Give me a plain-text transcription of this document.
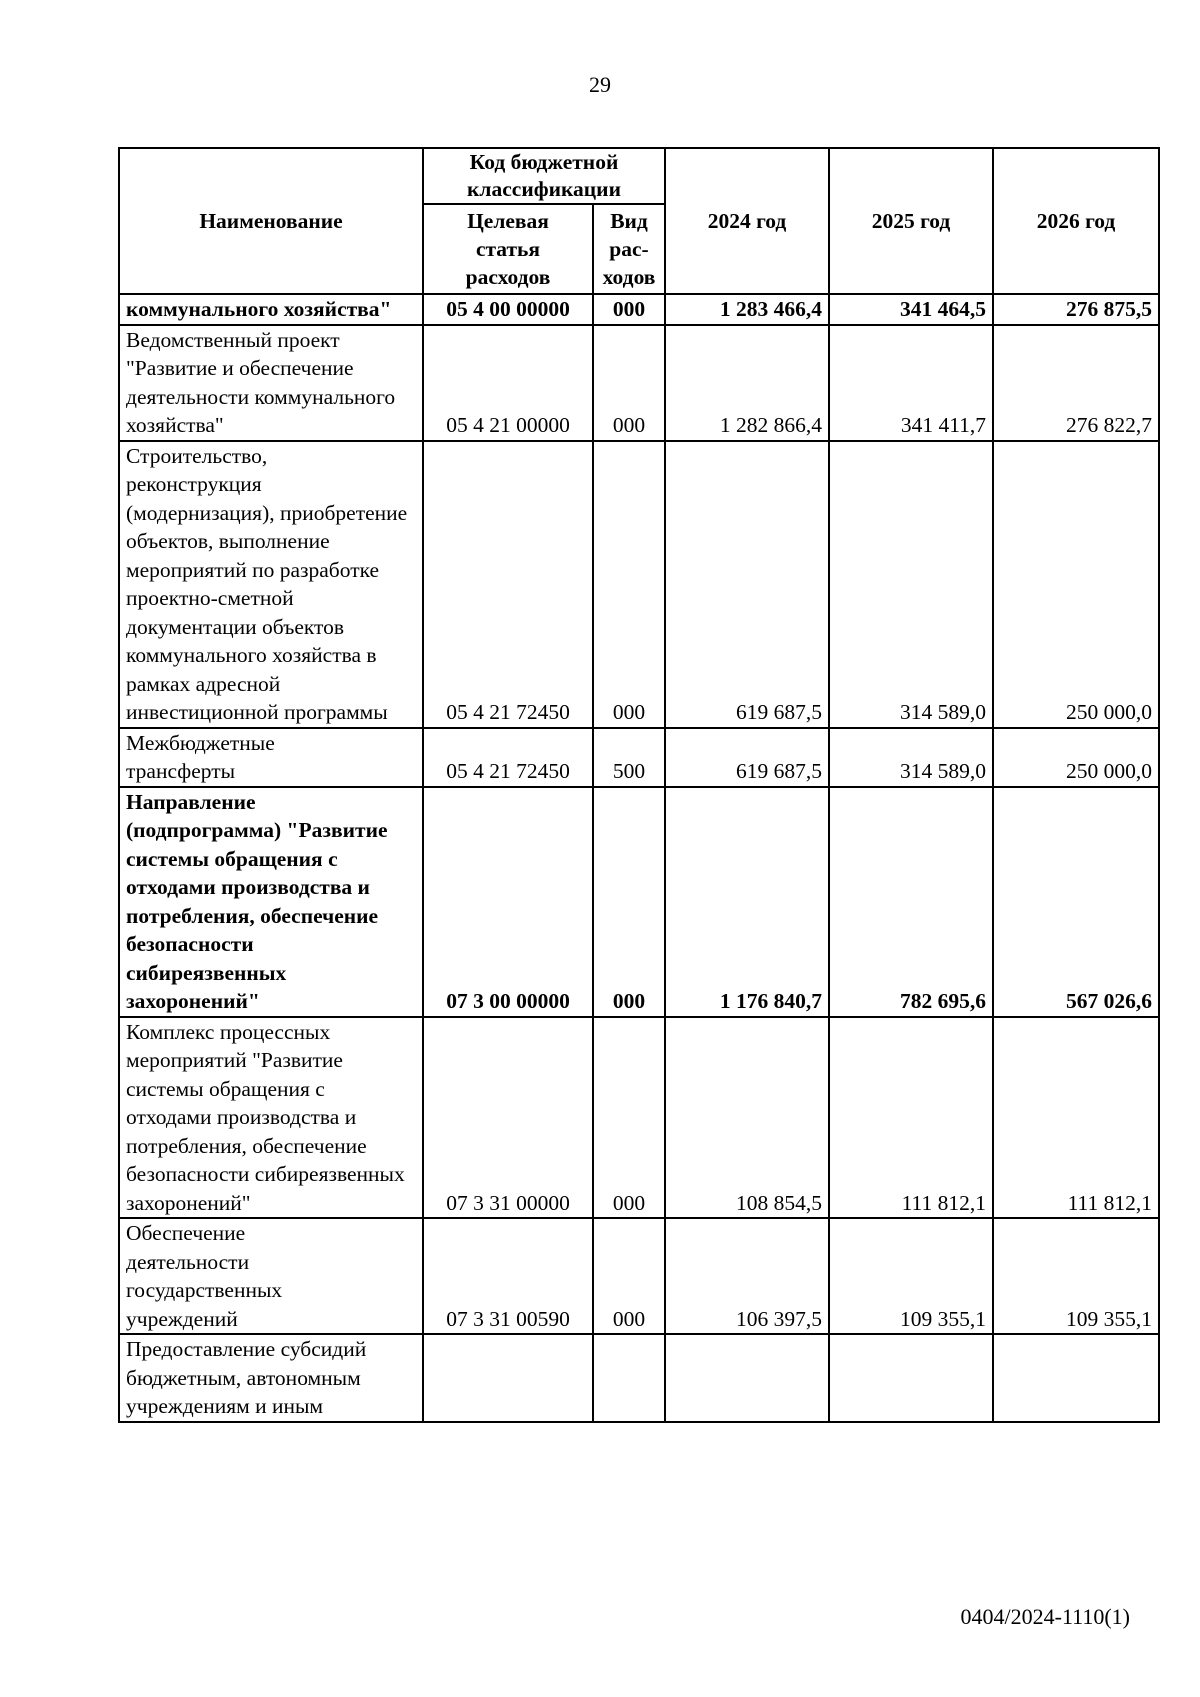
29
Наименование	Код бюджетной классификации		2024 год	2025 год	2026 год
	Целевая статья расходов	Вид рас-ходов			
коммунального хозяйства"	05 4 00 00000	000	1 283 466,4	341 464,5	276 875,5
Ведомственный проект "Развитие и обеспечение деятельности коммунального хозяйства"	05 4 21 00000	000	1 282 866,4	341 411,7	276 822,7
Строительство, реконструкция (модернизация), приобретение объектов, выполнение мероприятий по разработке проектно-сметной документации объектов коммунального хозяйства в рамках адресной инвестиционной программы	05 4 21 72450	000	619 687,5	314 589,0	250 000,0
Межбюджетные трансферты	05 4 21 72450	500	619 687,5	314 589,0	250 000,0
Направление (подпрограмма) "Развитие системы обращения с отходами производства и потребления, обеспечение безопасности сибиреязвенных захоронений"	07 3 00 00000	000	1 176 840,7	782 695,6	567 026,6
Комплекс процессных мероприятий "Развитие системы обращения с отходами производства и потребления, обеспечение безопасности сибиреязвенных захоронений"	07 3 31 00000	000	108 854,5	111 812,1	111 812,1
Обеспечение деятельности государственных учреждений	07 3 31 00590	000	106 397,5	109 355,1	109 355,1
Предоставление субсидий бюджетным, автономным учреждениям и иным					
0404/2024-1110(1)
